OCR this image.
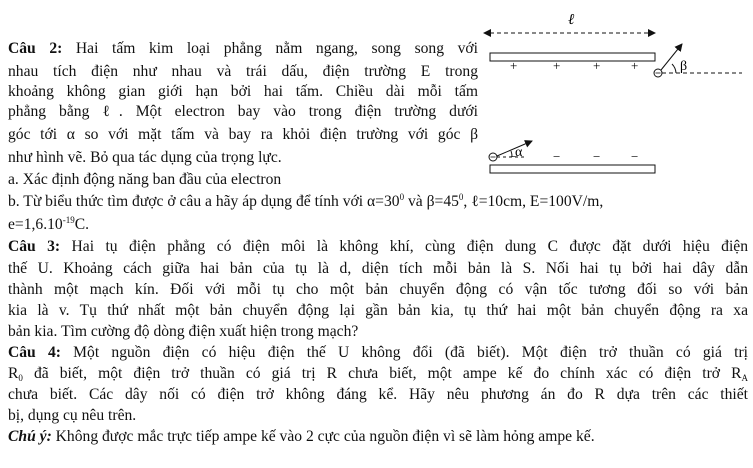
Câu 2: Hai tấm kim loại phẳng nằm ngang, song song với
nhau tích điện như nhau và trái dấu, điện trường E trong
khoảng không gian giới hạn bởi hai tấm. Chiều dài mỗi tấm
phẳng bằng ℓ. Một electron bay vào trong điện trường dưới
góc tới α so với mặt tấm và bay ra khỏi điện trường với góc β
như hình vẽ. Bỏ qua tác dụng của trọng lực.
a. Xác định động năng ban đầu của electron
b. Từ biểu thức tìm được ở câu a hãy áp dụng để tính với $\alpha=30^0$ và $\beta=45^0$, ℓ=10cm, E=100V/m,
$e=1,6.10^{-19}C$.
Câu 3: Hai tụ điện phẳng có điện môi là không khí, cùng điện dung C được đặt dưới hiệu điện
thế U. Khoảng cách giữa hai bản của tụ là d, diện tích mỗi bản là S. Nối hai tụ bởi hai dây dẫn
thành một mạch kín. Đối với mỗi tụ cho một bản chuyển động có vận tốc tương đối so với bản
kia là v. Tụ thứ nhất một bản chuyển động lại gần bản kia, tụ thứ hai một bản chuyển động ra xa
bản kia. Tìm cường độ dòng điện xuất hiện trong mạch?
Câu 4: Một nguồn điện có hiệu điện thế U không đổi (đã biết). Một điện trở thuần có giá trị
$R_0$ đã biết, một điện trở thuần có giá trị R chưa biết, một ampe kế đo chính xác có điện trở $R_A$
chưa biết. Các dây nối có điện trở không đáng kể. Hãy nêu phương án đo R dựa trên các thiết
bị, dụng cụ nêu trên.
Chú ý: Không được mắc trực tiếp ampe kế vào 2 cực của nguồn điện vì sẽ làm hỏng ampe kế.
ℓ
+	+	+ +	β
α
−	−	− −
